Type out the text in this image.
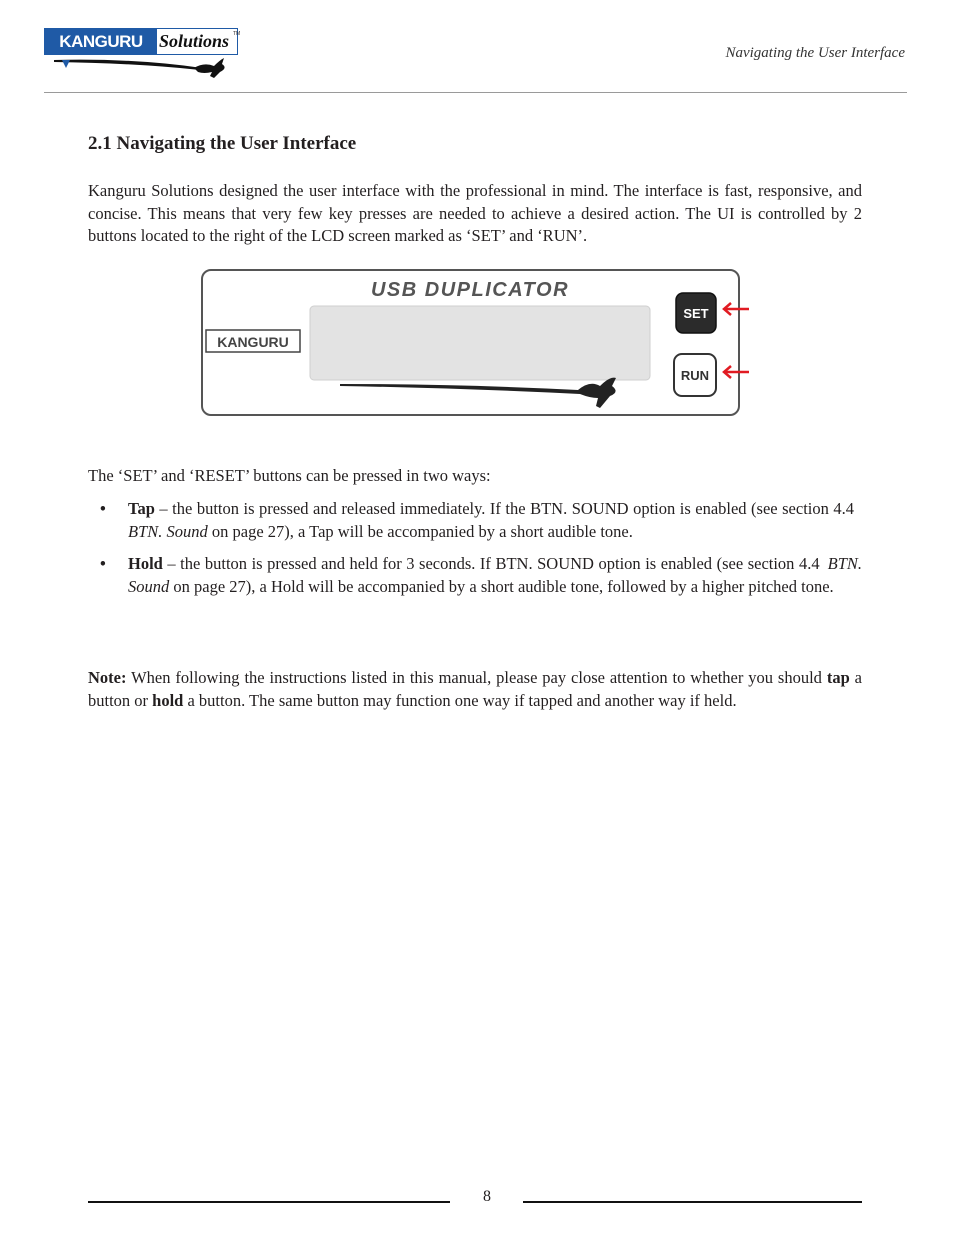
KANGURU Solutions TM
Navigating the User Interface
2.1 Navigating the User Interface

Kanguru Solutions designed the user interface with the professional in mind. The interface is fast, responsive, and concise. This means that very few key presses are needed to achieve a desired action. The UI is controlled by 2 buttons located to the right of the LCD screen marked as ‘SET’ and ‘RUN’.

USB DUPLICATOR
KANGURU
SET
RUN

The ‘SET’ and ‘RESET’ buttons can be pressed in two ways:

• Tap – the button is pressed and released immediately. If the BTN. SOUND option is enabled (see section 4.4BTN. Sound on page 27), a Tap will be accompanied by a short audible tone.
• Hold – the button is pressed and held for 3 seconds. If BTN. SOUND option is enabled (see section 4.4 BTN. Sound on page 27), a Hold will be accompanied by a short audible tone, followed by a higher pitched tone.

Note: When following the instructions listed in this manual, please pay close attention to whether you should tap a button or hold a button. The same button may function one way if tapped and another way if held.

8
